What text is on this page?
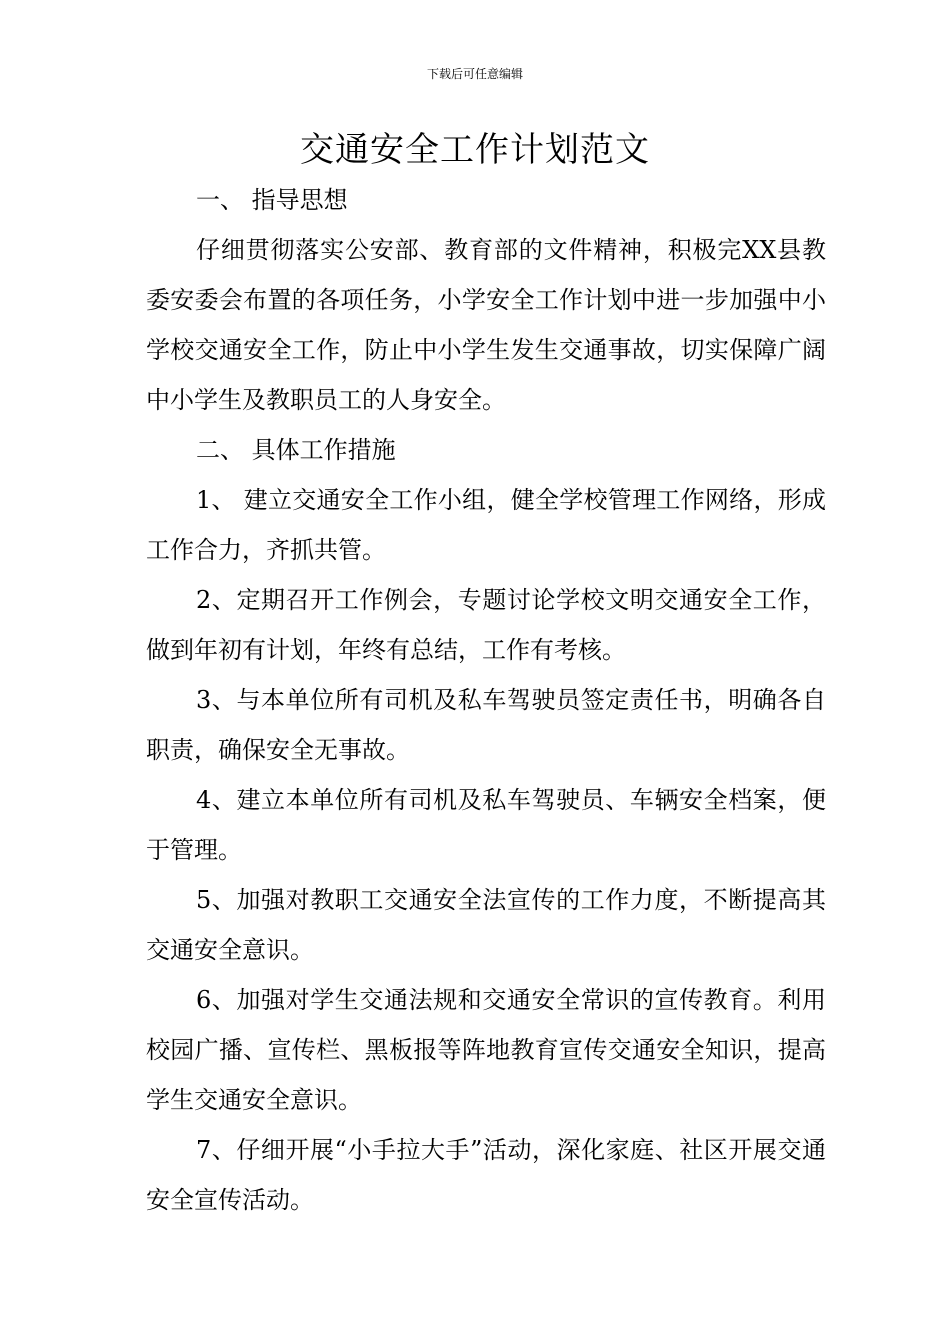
下载后可任意编辑
交通安全工作计划范文

一、 指导思想

仔细贯彻落实公安部、教育部的文件精神，积极完XX县教委安委会布置的各项任务，小学安全工作计划中进一步加强中小学校交通安全工作，防止中小学生发生交通事故，切实保障广阔中小学生及教职员工的人身安全。

二、 具体工作措施

1、 建立交通安全工作小组，健全学校管理工作网络，形成工作合力，齐抓共管。

2、定期召开工作例会，专题讨论学校文明交通安全工作，做到年初有计划，年终有总结，工作有考核。

3、与本单位所有司机及私车驾驶员签定责任书，明确各自职责，确保安全无事故。

4、建立本单位所有司机及私车驾驶员、车辆安全档案，便于管理。

5、加强对教职工交通安全法宣传的工作力度，不断提高其交通安全意识。

6、加强对学生交通法规和交通安全常识的宣传教育。利用校园广播、宣传栏、黑板报等阵地教育宣传交通安全知识，提高学生交通安全意识。

7、仔细开展“小手拉大手”活动，深化家庭、社区开展交通安全宣传活动。
